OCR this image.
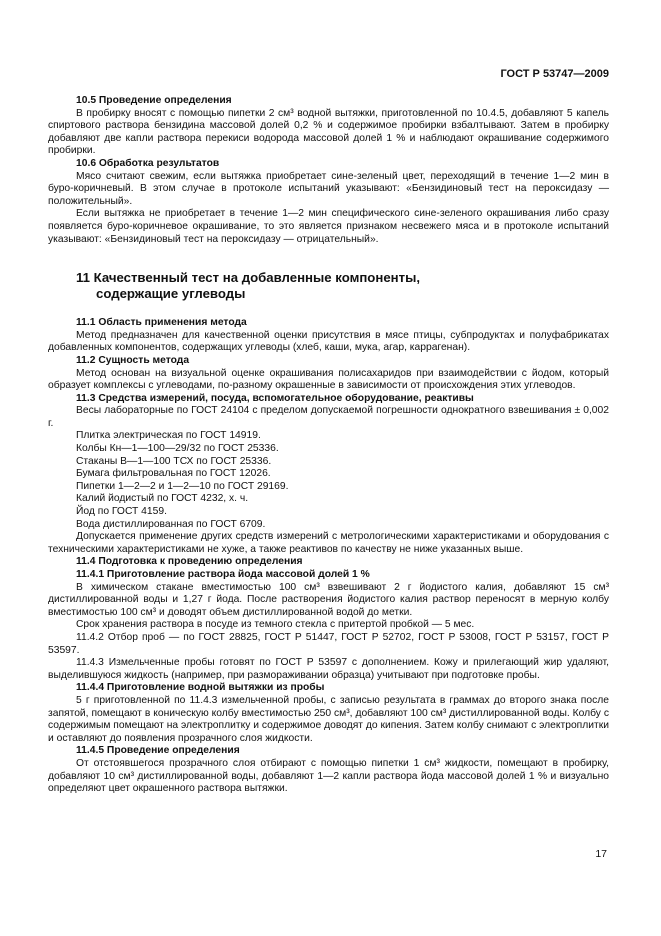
ГОСТ Р 53747—2009

10.5 Проведение определения

В пробирку вносят с помощью пипетки 2 см³ водной вытяжки, приготовленной по 10.4.5, добавляют 5 капель спиртового раствора бензидина массовой долей 0,2 % и содержимое пробирки взбалтывают. Затем в пробирку добавляют две капли раствора перекиси водорода массовой долей 1 % и наблюдают окрашивание содержимого пробирки.

10.6 Обработка результатов

Мясо считают свежим, если вытяжка приобретает сине-зеленый цвет, переходящий в течение 1—2 мин в буро-коричневый. В этом случае в протоколе испытаний указывают: «Бензидиновый тест на пероксидазу — положительный».

Если вытяжка не приобретает в течение 1—2 мин специфического сине-зеленого окрашивания либо сразу появляется буро-коричневое окрашивание, то это является признаком несвежего мяса и в протоколе испытаний указывают: «Бензидиновый тест на пероксидазу — отрицательный».

11 Качественный тест на добавленные компоненты,
содержащие углеводы

11.1 Область применения метода

Метод предназначен для качественной оценки присутствия в мясе птицы, субпродуктах и полуфабрикатах добавленных компонентов, содержащих углеводы (хлеб, каши, мука, агар, каррагенан).

11.2 Сущность метода

Метод основан на визуальной оценке окрашивания полисахаридов при взаимодействии с йодом, который образует комплексы с углеводами, по-разному окрашенные в зависимости от происхождения этих углеводов.

11.3 Средства измерений, посуда, вспомогательное оборудование, реактивы

Весы лабораторные по ГОСТ 24104 с пределом допускаемой погрешности однократного взвешивания ± 0,002 г.

Плитка электрическая по ГОСТ 14919.

Колбы Кн—1—100—29/32 по ГОСТ 25336.

Стаканы В—1—100 ТСХ по ГОСТ 25336.

Бумага фильтровальная по ГОСТ 12026.

Пипетки 1—2—2 и 1—2—10 по ГОСТ 29169.

Калий йодистый по ГОСТ 4232, х. ч.

Йод по ГОСТ 4159.

Вода дистиллированная по ГОСТ 6709.

Допускается применение других средств измерений с метрологическими характеристиками и оборудования с техническими характеристиками не хуже, а также реактивов по качеству не ниже указанных выше.

11.4 Подготовка к проведению определения

11.4.1 Приготовление раствора йода массовой долей 1 %

В химическом стакане вместимостью 100 см³ взвешивают 2 г йодистого калия, добавляют 15 см³ дистиллированной воды и 1,27 г йода. После растворения йодистого калия раствор переносят в мерную колбу вместимостью 100 см³ и доводят объем дистиллированной водой до метки.

Срок хранения раствора в посуде из темного стекла с притертой пробкой — 5 мес.

11.4.2 Отбор проб — по ГОСТ 28825, ГОСТ Р 51447, ГОСТ Р 52702, ГОСТ Р 53008, ГОСТ Р 53157, ГОСТ Р 53597.

11.4.3 Измельченные пробы готовят по ГОСТ Р 53597 с дополнением. Кожу и прилегающий жир удаляют, выделившуюся жидкость (например, при размораживании образца) учитывают при подготовке пробы.

11.4.4 Приготовление водной вытяжки из пробы

5 г приготовленной по 11.4.3 измельченной пробы, с записью результата в граммах до второго знака после запятой, помещают в коническую колбу вместимостью 250 см³, добавляют 100 см³ дистиллированной воды. Колбу с содержимым помещают на электроплитку и содержимое доводят до кипения. Затем колбу снимают с электроплитки и оставляют до появления прозрачного слоя жидкости.

11.4.5 Проведение определения

От отстоявшегося прозрачного слоя отбирают с помощью пипетки 1 см³ жидкости, помещают в пробирку, добавляют 10 см³ дистиллированной воды, добавляют 1—2 капли раствора йода массовой долей 1 % и визуально определяют цвет окрашенного раствора вытяжки.

17
